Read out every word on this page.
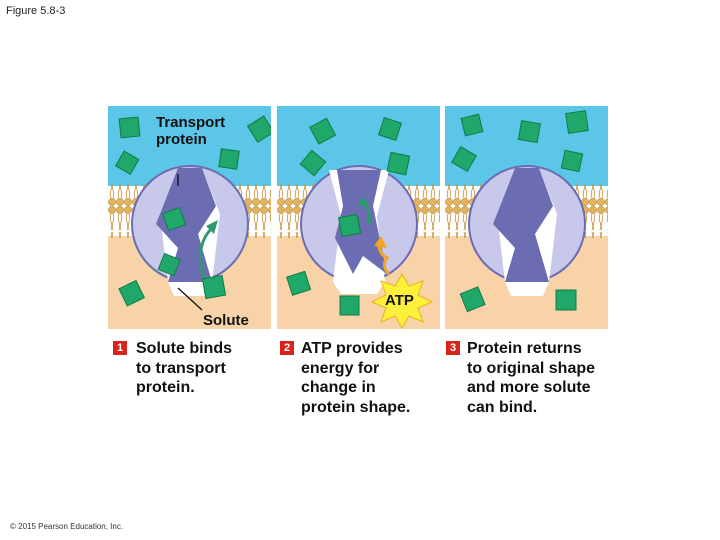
Figure 5.8-3
Transport
protein
Solute
ATP
1 Solute binds
to transport
protein.
2 ATP provides
energy for
change in
protein shape.
3 Protein returns
to original shape
and more solute
can bind.
© 2015 Pearson Education, Inc.
